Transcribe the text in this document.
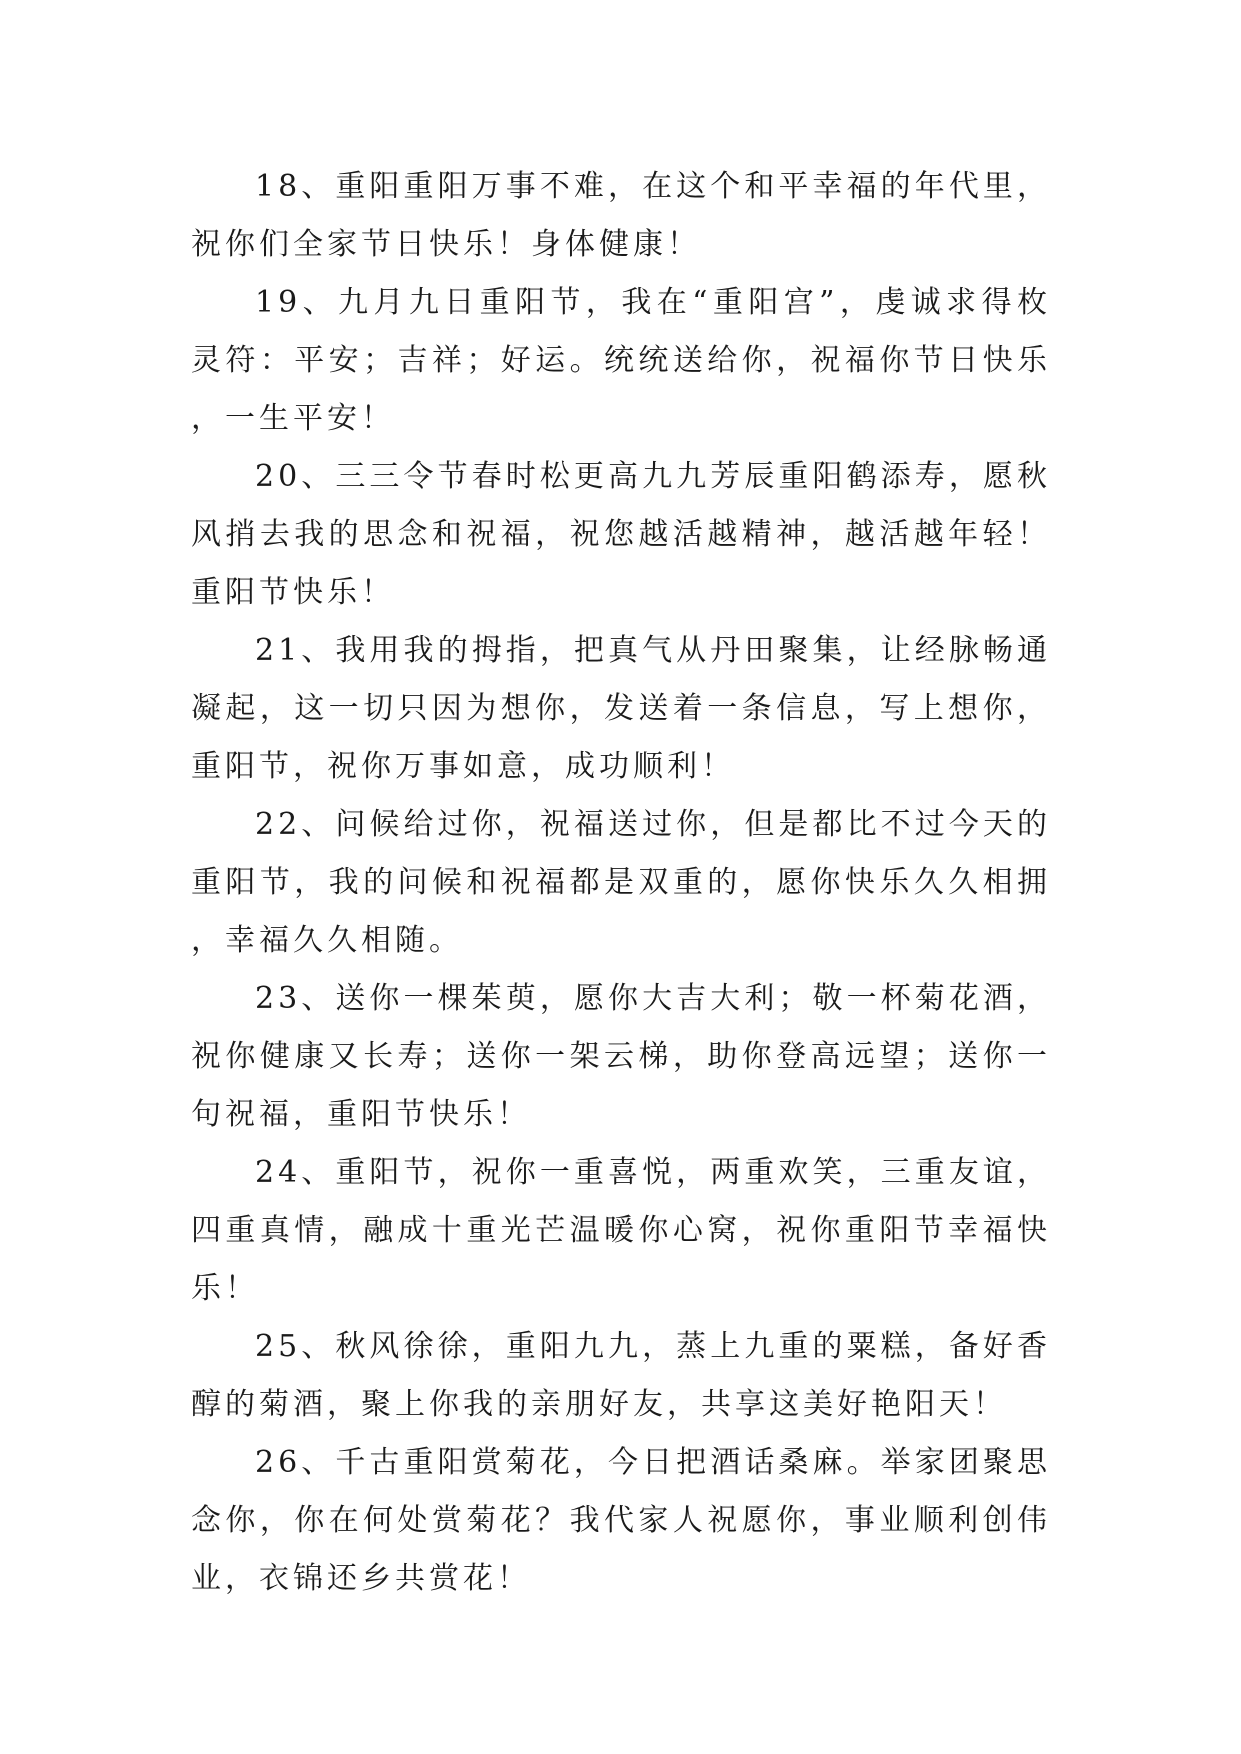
18、重阳重阳万事不难，在这个和平幸福的年代里，祝你们全家节日快乐！身体健康！

19、九月九日重阳节，我在“重阳宫”，虔诚求得枚灵符：平安；吉祥；好运。统统送给你，祝福你节日快乐，一生平安！

20、三三令节春时松更高九九芳辰重阳鹤添寿，愿秋风捎去我的思念和祝福，祝您越活越精神，越活越年轻！重阳节快乐！

21、我用我的拇指，把真气从丹田聚集，让经脉畅通凝起，这一切只因为想你，发送着一条信息，写上想你，重阳节，祝你万事如意，成功顺利！

22、问候给过你，祝福送过你，但是都比不过今天的重阳节，我的问候和祝福都是双重的，愿你快乐久久相拥，幸福久久相随。

23、送你一棵茱萸，愿你大吉大利；敬一杯菊花酒，祝你健康又长寿；送你一架云梯，助你登高远望；送你一句祝福，重阳节快乐！

24、重阳节，祝你一重喜悦，两重欢笑，三重友谊，四重真情，融成十重光芒温暖你心窝，祝你重阳节幸福快乐！

25、秋风徐徐，重阳九九，蒸上九重的粟糕，备好香醇的菊酒，聚上你我的亲朋好友，共享这美好艳阳天！

26、千古重阳赏菊花，今日把酒话桑麻。举家团聚思念你，你在何处赏菊花？我代家人祝愿你，事业顺利创伟业，衣锦还乡共赏花！
